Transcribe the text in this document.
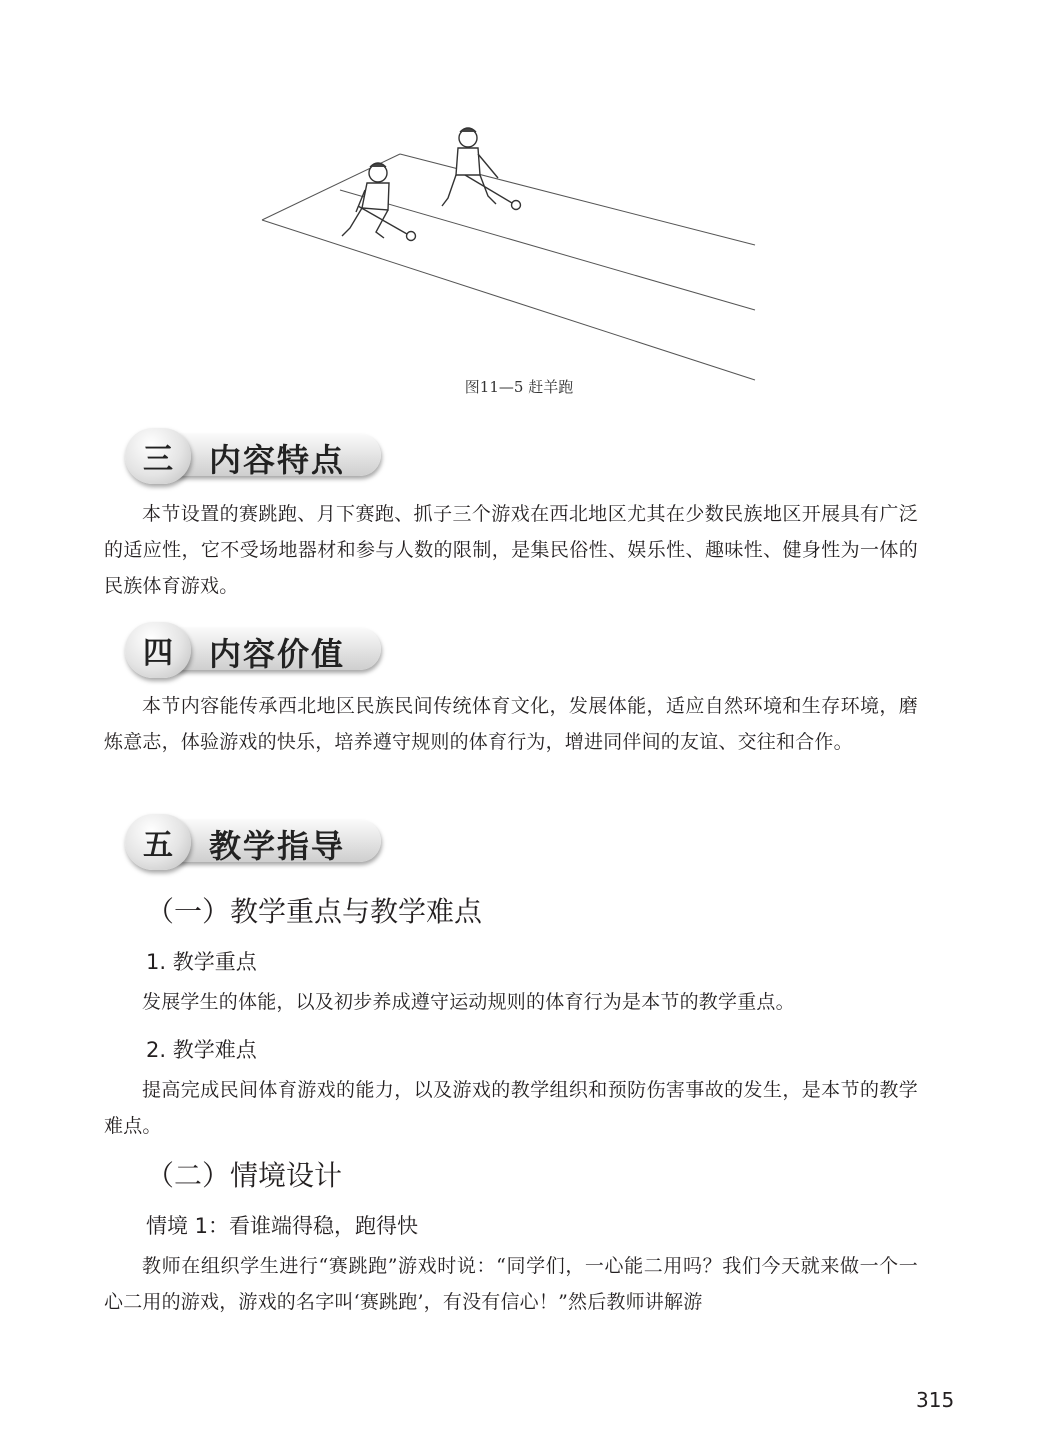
图11—5 赶羊跑
三	内容特点
本节设置的赛跳跑、月下赛跑、抓子三个游戏在西北地区尤其在少数民族地区开展具有广泛的适应性，它不受场地器材和参与人数的限制，是集民俗性、娱乐性、趣味性、健身性为一体的民族体育游戏。
四	内容价值
本节内容能传承西北地区民族民间传统体育文化，发展体能，适应自然环境和生存环境，磨炼意志，体验游戏的快乐，培养遵守规则的体育行为，增进同伴间的友谊、交往和合作。
五	教学指导
（一）教学重点与教学难点
1. 教学重点
发展学生的体能，以及初步养成遵守运动规则的体育行为是本节的教学重点。
2. 教学难点
提高完成民间体育游戏的能力，以及游戏的教学组织和预防伤害事故的发生，是本节的教学难点。
（二）情境设计
情境 1：看谁端得稳，跑得快
教师在组织学生进行“赛跳跑”游戏时说：“同学们，一心能二用吗？我们今天就来做一个一心二用的游戏，游戏的名字叫‘赛跳跑’，有没有信心！”然后教师讲解游
315
